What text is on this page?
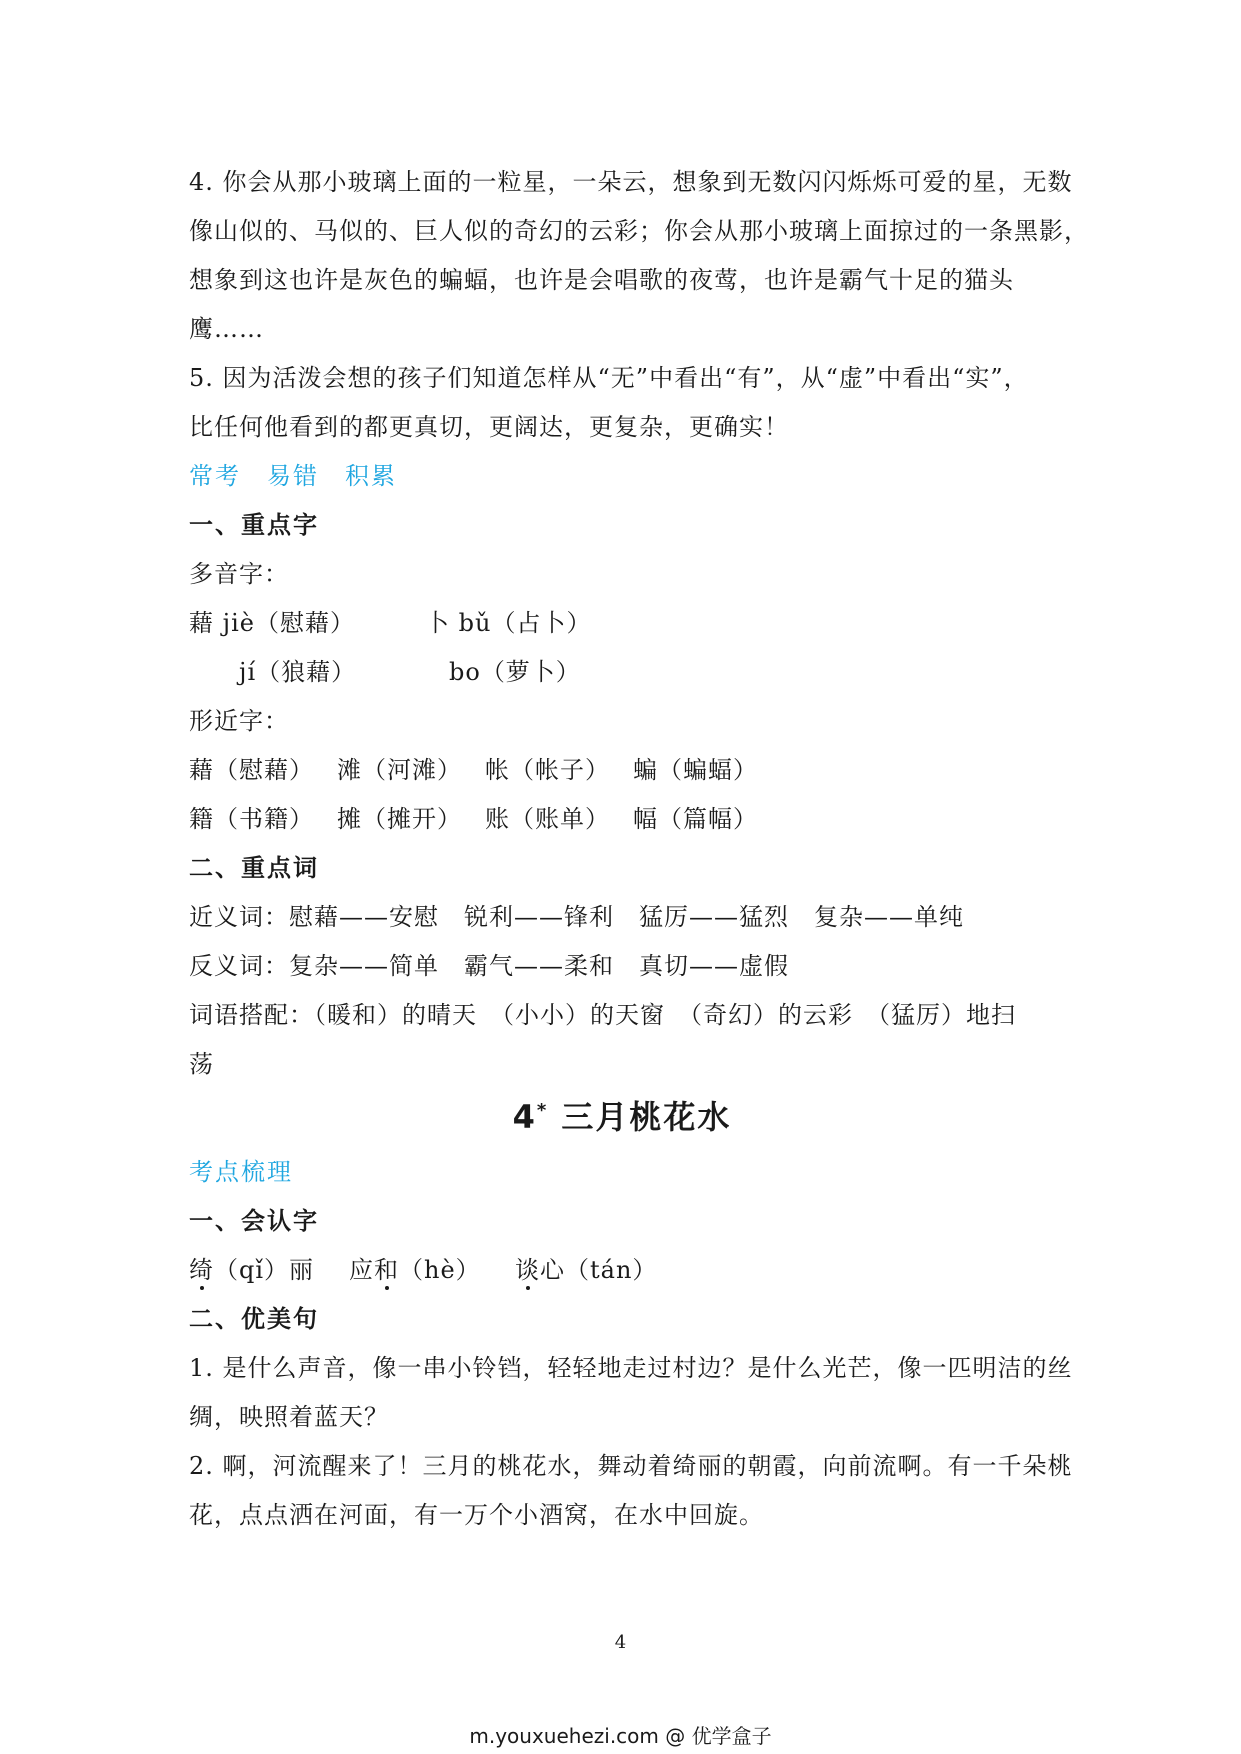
4. 你会从那小玻璃上面的一粒星，一朵云，想象到无数闪闪烁烁可爱的星，无数
像山似的、马似的、巨人似的奇幻的云彩；你会从那小玻璃上面掠过的一条黑影，
想象到这也许是灰色的蝙蝠，也许是会唱歌的夜莺，也许是霸气十足的猫头
鹰……
5. 因为活泼会想的孩子们知道怎样从“无”中看出“有”，从“虚”中看出“实”，
比任何他看到的都更真切，更阔达，更复杂，更确实！
常考　易错　积累
一、重点字
多音字：
藉 jiè（慰藉）	卜 bǔ（占卜）
jí（狼藉）	bo（萝卜）
形近字：
藉（慰藉） 滩（河滩） 帐（帐子） 蝙（蝙蝠）
籍（书籍） 摊（摊开） 账（账单） 幅（篇幅）
二、重点词
近义词：慰藉——安慰　锐利——锋利　猛厉——猛烈　复杂——单纯
反义词：复杂——简单　霸气——柔和　真切——虚假
词语搭配：（暖和）的晴天　（小小）的天窗　（奇幻）的云彩　（猛厉）地扫
荡
4* 三月桃花水
考点梳理
一、会认字
绮（qǐ）丽 应和（hè） 谈心（tán）
二、优美句
1. 是什么声音，像一串小铃铛，轻轻地走过村边？是什么光芒，像一匹明洁的丝
绸，映照着蓝天？
2. 啊，河流醒来了！三月的桃花水，舞动着绮丽的朝霞，向前流啊。有一千朵桃
花，点点洒在河面，有一万个小酒窝，在水中回旋。
4
m.youxuehezi.com @ 优学盒子
